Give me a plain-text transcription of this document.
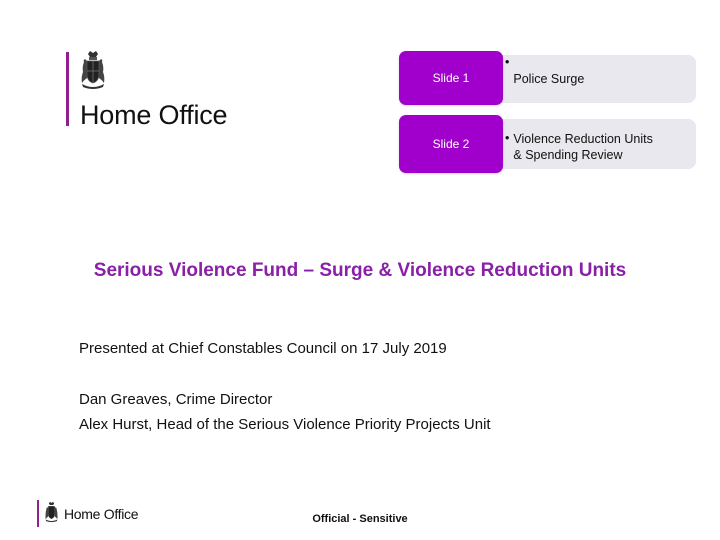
Home Office
•
Police Surge
Slide 1
• Violence Reduction Units
& Spending Review
Slide 2
Serious Violence Fund – Surge & Violence Reduction Units
Presented at Chief Constables Council on 17 July 2019
Dan Greaves, Crime Director
Alex Hurst, Head of the Serious Violence Priority Projects Unit
Home Office	Official - Sensitive
